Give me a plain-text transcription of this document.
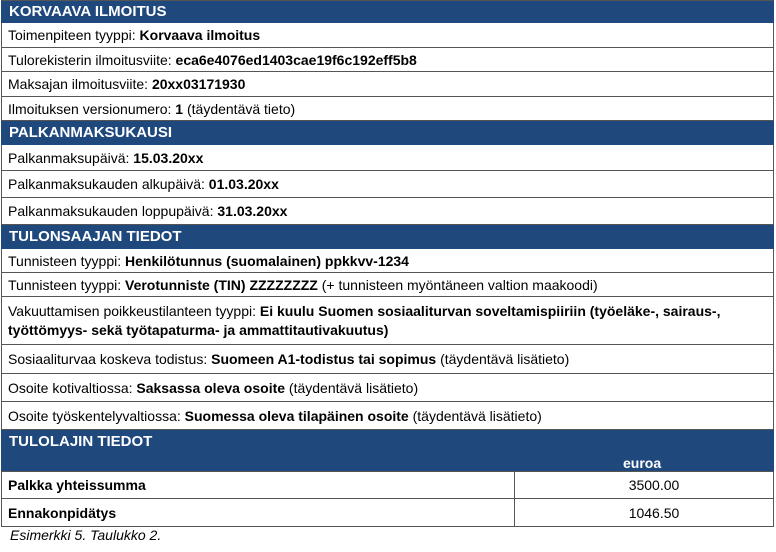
KORVAAVA ILMOITUS
Toimenpiteen tyyppi: Korvaava ilmoitus
Tulorekisterin ilmoitusviite: eca6e4076ed1403cae19f6c192eff5b8
Maksajan ilmoitusviite: 20xx03171930
Ilmoituksen versionumero: 1 (täydentävä tieto)
PALKANMAKSUKAUSI
Palkanmaksupäivä: 15.03.20xx
Palkanmaksukauden alkupäivä: 01.03.20xx
Palkanmaksukauden loppupäivä: 31.03.20xx
TULONSAAJAN TIEDOT
Tunnisteen tyyppi: Henkilötunnus (suomalainen) ppkkvv-1234
Tunnisteen tyyppi: Verotunniste (TIN) ZZZZZZZZ (+ tunnisteen myöntäneen valtion maakoodi)
Vakuuttamisen poikkeustilanteen tyyppi: Ei kuulu Suomen sosiaaliturvan soveltamispiiriin (työeläke-, sairaus-, työttömyys- sekä työtapaturma- ja ammattitautivakuutus)
Sosiaaliturvaa koskeva todistus: Suomeen A1-todistus tai sopimus (täydentävä lisätieto)
Osoite kotivaltiossa: Saksassa oleva osoite (täydentävä lisätieto)
Osoite työskentelyvaltiossa: Suomessa oleva tilapäinen osoite (täydentävä lisätieto)
TULOLAJIN TIEDOT
euroa
Palkka yhteissumma	3500.00
Ennakonpidätys	1046.50
Esimerkki 5. Taulukko 2.
